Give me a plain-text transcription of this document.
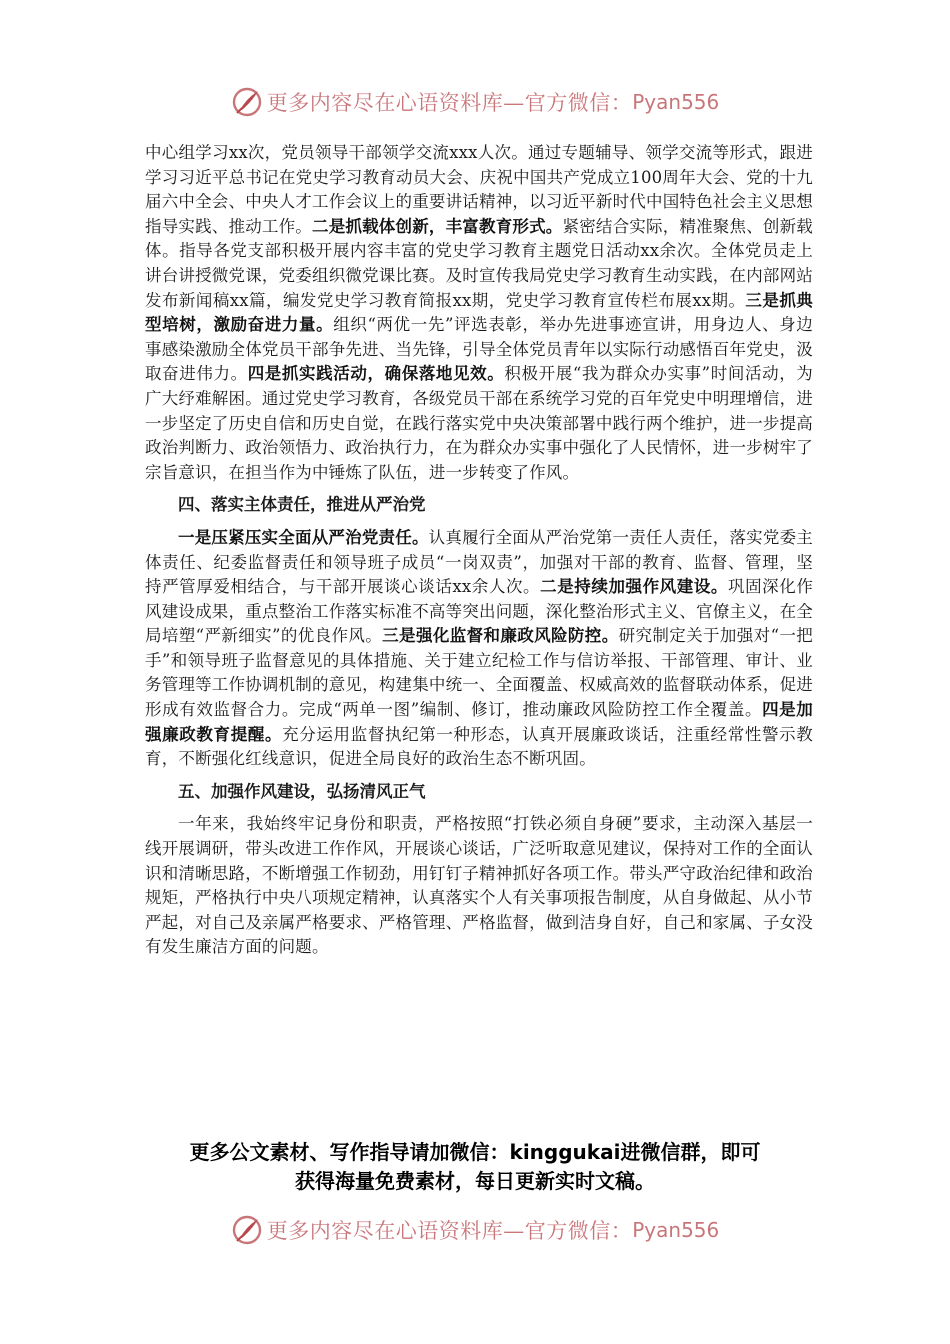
更多内容尽在心语资料库—官方微信： Pyan556

中心组学习xx次，党员领导干部领学交流xxx人次。通过专题辅导、领学交流等形式，跟进学习习近平总书记在党史学习教育动员大会、庆祝中国共产党成立100周年大会、党的十九届六中全会、中央人才工作会议上的重要讲话精神，以习近平新时代中国特色社会主义思想指导实践、推动工作。二是抓载体创新，丰富教育形式。紧密结合实际，精准聚焦、创新载体。指导各党支部积极开展内容丰富的党史学习教育主题党日活动xx余次。全体党员走上讲台讲授微党课，党委组织微党课比赛。及时宣传我局党史学习教育生动实践，在内部网站发布新闻稿xx篇，编发党史学习教育简报xx期，党史学习教育宣传栏布展xx期。三是抓典型培树，激励奋进力量。组织“两优一先”评选表彰，举办先进事迹宣讲，用身边人、身边事感染激励全体党员干部争先进、当先锋，引导全体党员青年以实际行动感悟百年党史，汲取奋进伟力。四是抓实践活动，确保落地见效。积极开展“我为群众办实事”时间活动，为广大纾难解困。通过党史学习教育，各级党员干部在系统学习党的百年党史中明理增信，进一步坚定了历史自信和历史自觉，在践行落实党中央决策部署中践行两个维护，进一步提高政治判断力、政治领悟力、政治执行力，在为群众办实事中强化了人民情怀，进一步树牢了宗旨意识，在担当作为中锤炼了队伍，进一步转变了作风。

四、落实主体责任，推进从严治党

一是压紧压实全面从严治党责任。认真履行全面从严治党第一责任人责任，落实党委主体责任、纪委监督责任和领导班子成员“一岗双责”，加强对干部的教育、监督、管理，坚持严管厚爱相结合，与干部开展谈心谈话xx余人次。二是持续加强作风建设。巩固深化作风建设成果，重点整治工作落实标准不高等突出问题，深化整治形式主义、官僚主义，在全局培塑“严新细实”的优良作风。三是强化监督和廉政风险防控。研究制定关于加强对“一把手”和领导班子监督意见的具体措施、关于建立纪检工作与信访举报、干部管理、审计、业务管理等工作协调机制的意见，构建集中统一、全面覆盖、权威高效的监督联动体系，促进形成有效监督合力。完成“两单一图”编制、修订，推动廉政风险防控工作全覆盖。四是加强廉政教育提醒。充分运用监督执纪第一种形态，认真开展廉政谈话，注重经常性警示教育，不断强化红线意识，促进全局良好的政治生态不断巩固。

五、加强作风建设，弘扬清风正气

一年来，我始终牢记身份和职责，严格按照“打铁必须自身硬”要求，主动深入基层一线开展调研，带头改进工作作风，开展谈心谈话，广泛听取意见建议，保持对工作的全面认识和清晰思路，不断增强工作韧劲，用钉钉子精神抓好各项工作。带头严守政治纪律和政治规矩，严格执行中央八项规定精神，认真落实个人有关事项报告制度，从自身做起、从小节严起，对自己及亲属严格要求、严格管理、严格监督，做到洁身自好，自己和家属、子女没有发生廉洁方面的问题。

更多公文素材、写作指导请加微信：kinggukai进微信群，即可
获得海量免费素材，每日更新实时文稿。
更多内容尽在心语资料库—官方微信： Pyan556
